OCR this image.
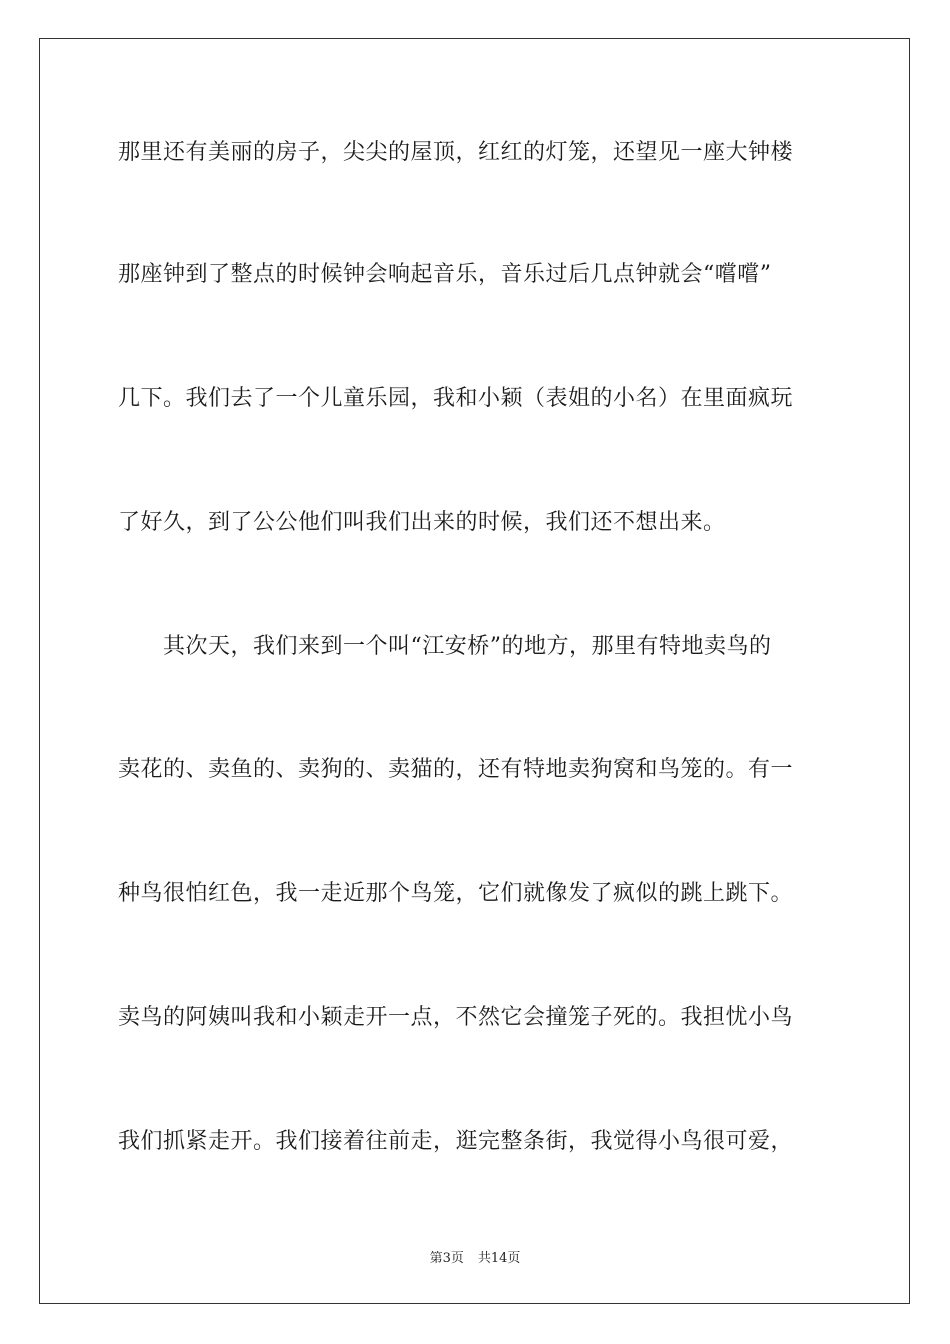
那里还有美丽的房子，尖尖的屋顶，红红的灯笼，还望见一座大钟楼
那座钟到了整点的时候钟会响起音乐，音乐过后几点钟就会“嚐嚐”
几下。我们去了一个儿童乐园，我和小颖（表姐的小名）在里面疯玩
了好久，到了公公他们叫我们出来的时候，我们还不想出来。
其次天，我们来到一个叫“江安桥”的地方，那里有特地卖鸟的
卖花的、卖鱼的、卖狗的、卖猫的，还有特地卖狗窝和鸟笼的。有一
种鸟很怕红色，我一走近那个鸟笼，它们就像发了疯似的跳上跳下。
卖鸟的阿姨叫我和小颖走开一点，不然它会撞笼子死的。我担忧小鸟
我们抓紧走开。我们接着往前走，逛完整条街，我觉得小鸟很可爱，
第3页 共14页
